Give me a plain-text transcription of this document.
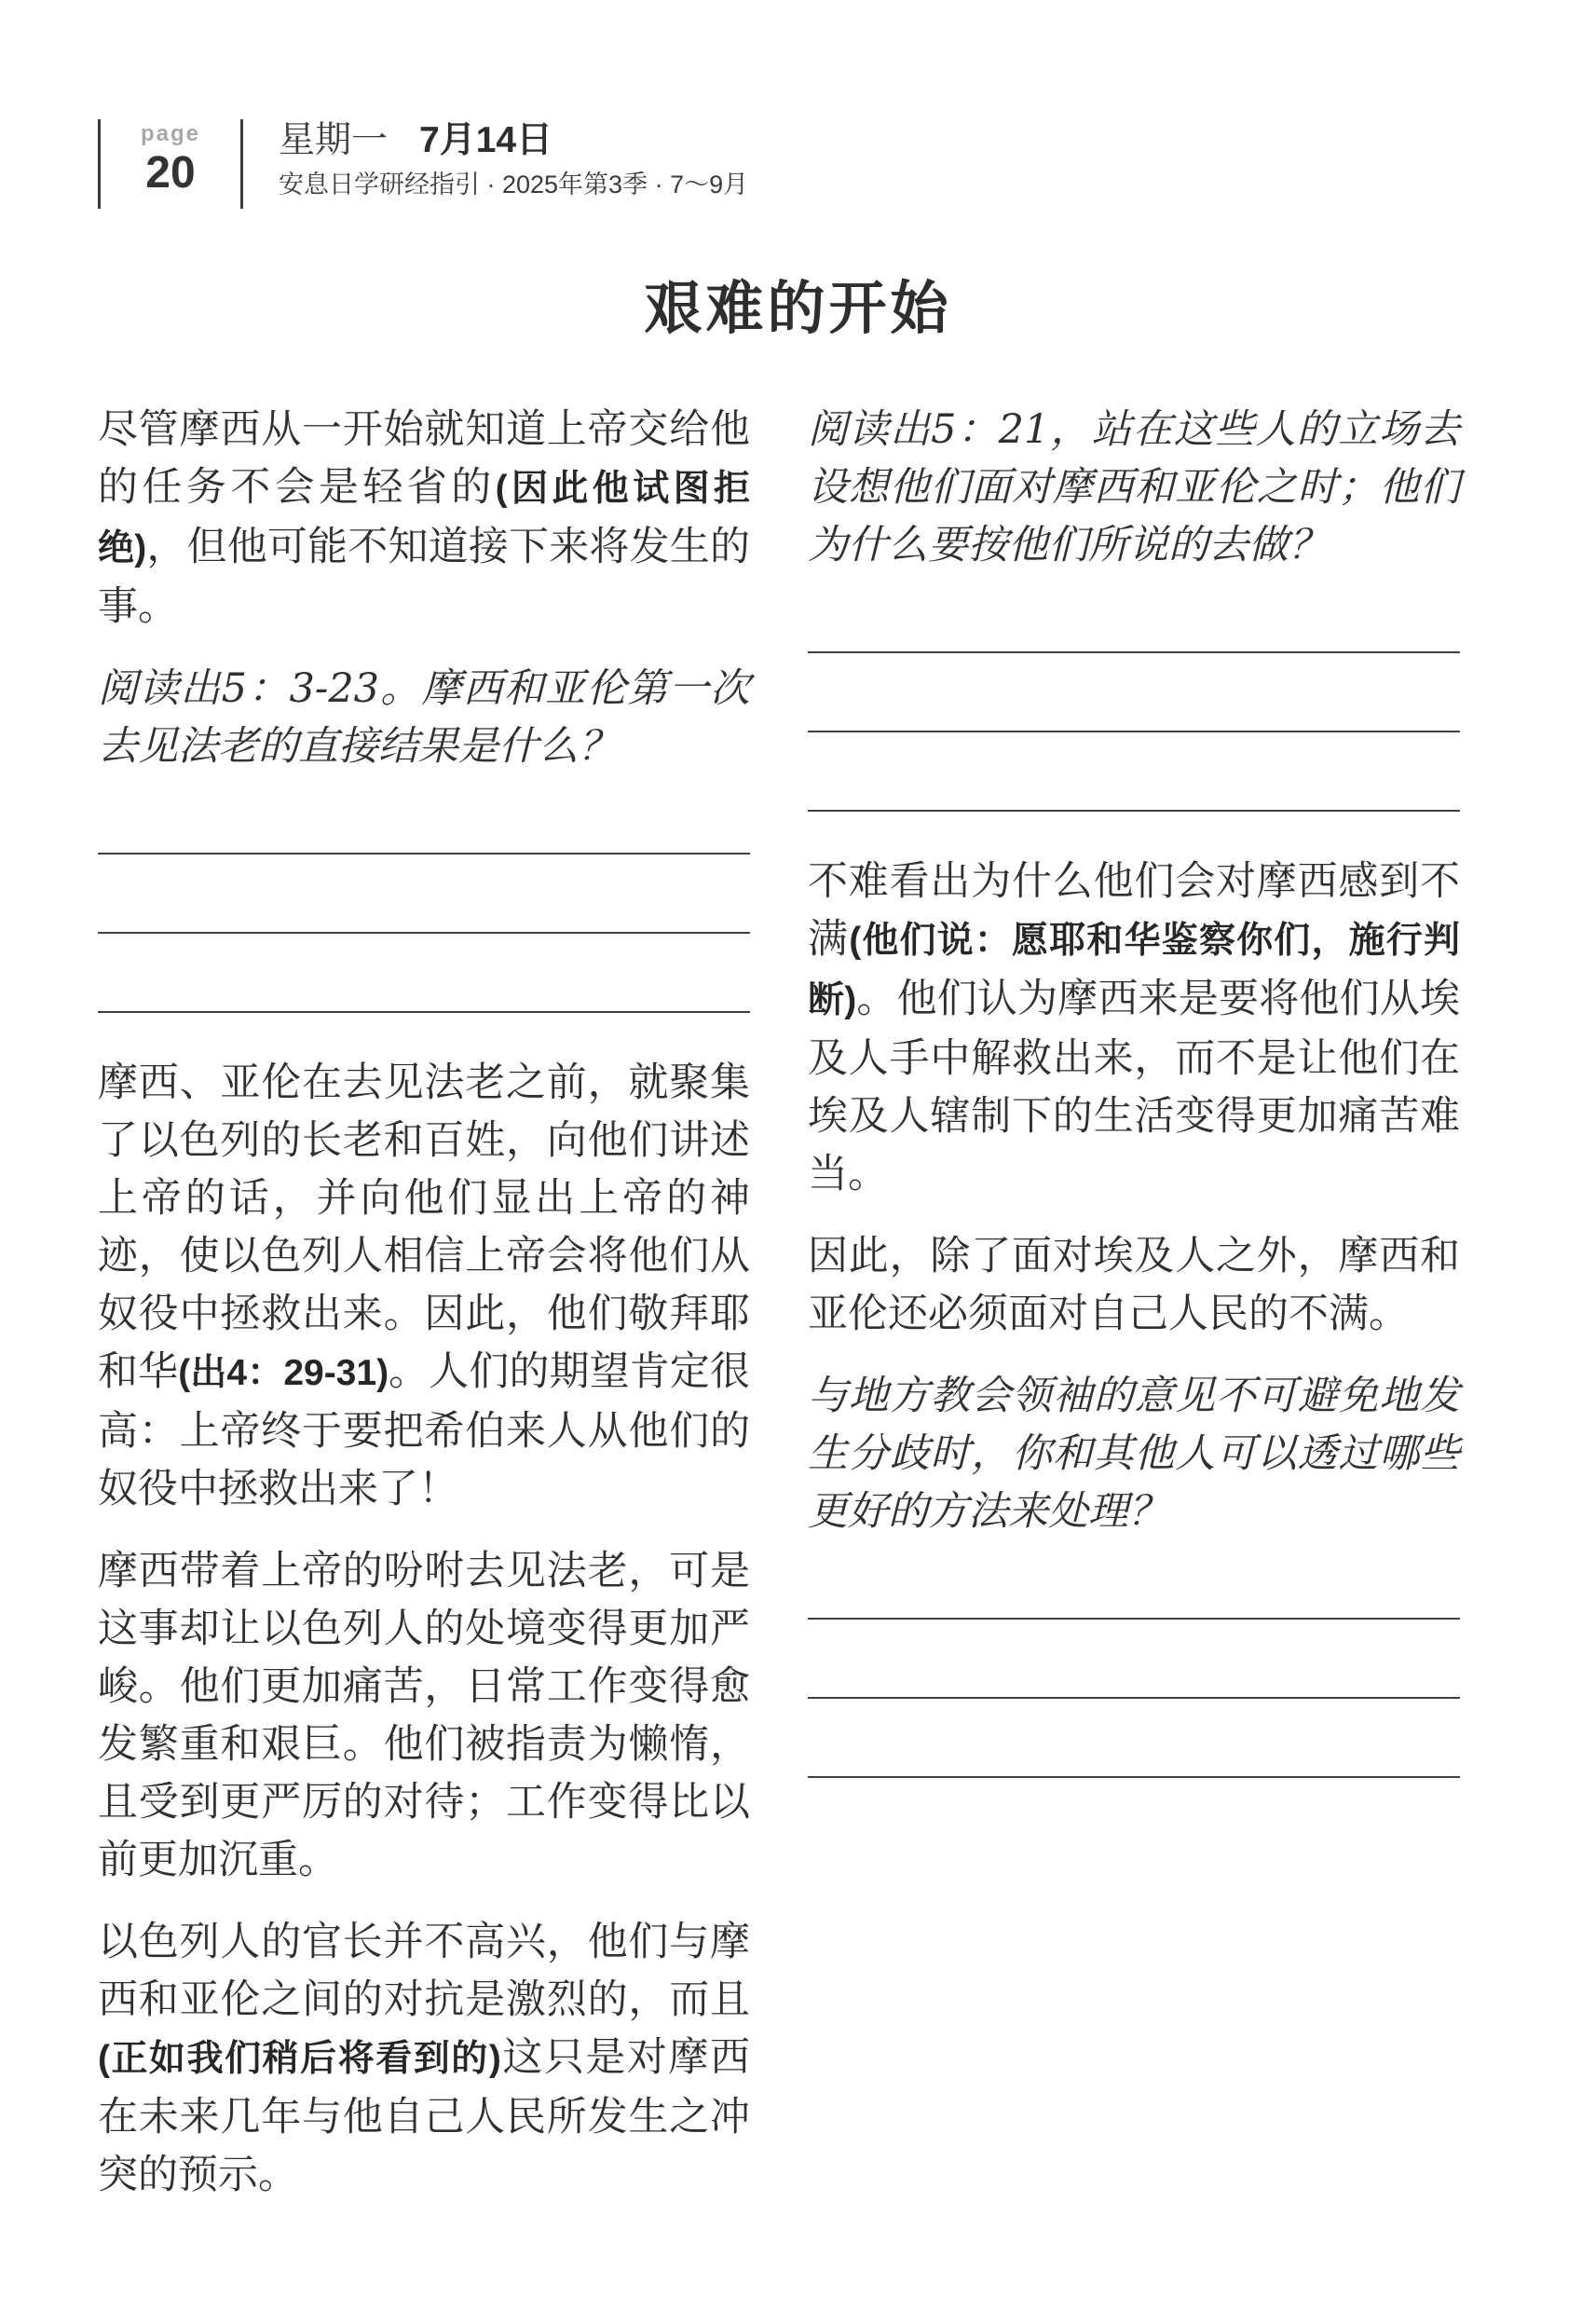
page
20
星期一 7月14日
安息日学研经指引 · 2025年第3季 · 7～9月
艰难的开始

尽管摩西从一开始就知道上帝交给他的任务不会是轻省的(因此他试图拒绝)，但他可能不知道接下来将发生的事。

阅读出5：3-23。摩西和亚伦第一次去见法老的直接结果是什么？

摩西、亚伦在去见法老之前，就聚集了以色列的长老和百姓，向他们讲述上帝的话，并向他们显出上帝的神迹，使以色列人相信上帝会将他们从奴役中拯救出来。因此，他们敬拜耶和华(出4：29-31)。人们的期望肯定很高：上帝终于要把希伯来人从他们的奴役中拯救出来了！

摩西带着上帝的吩咐去见法老，可是这事却让以色列人的处境变得更加严峻。他们更加痛苦，日常工作变得愈发繁重和艰巨。他们被指责为懒惰，且受到更严厉的对待；工作变得比以前更加沉重。

以色列人的官长并不高兴，他们与摩西和亚伦之间的对抗是激烈的，而且(正如我们稍后将看到的)这只是对摩西在未来几年与他自己人民所发生之冲突的预示。

阅读出5：21，站在这些人的立场去设想他们面对摩西和亚伦之时；他们为什么要按他们所说的去做？

不难看出为什么他们会对摩西感到不满(他们说：愿耶和华鉴察你们，施行判断)。他们认为摩西来是要将他们从埃及人手中解救出来，而不是让他们在埃及人辖制下的生活变得更加痛苦难当。

因此，除了面对埃及人之外，摩西和亚伦还必须面对自己人民的不满。

与地方教会领袖的意见不可避免地发生分歧时，你和其他人可以透过哪些更好的方法来处理？
